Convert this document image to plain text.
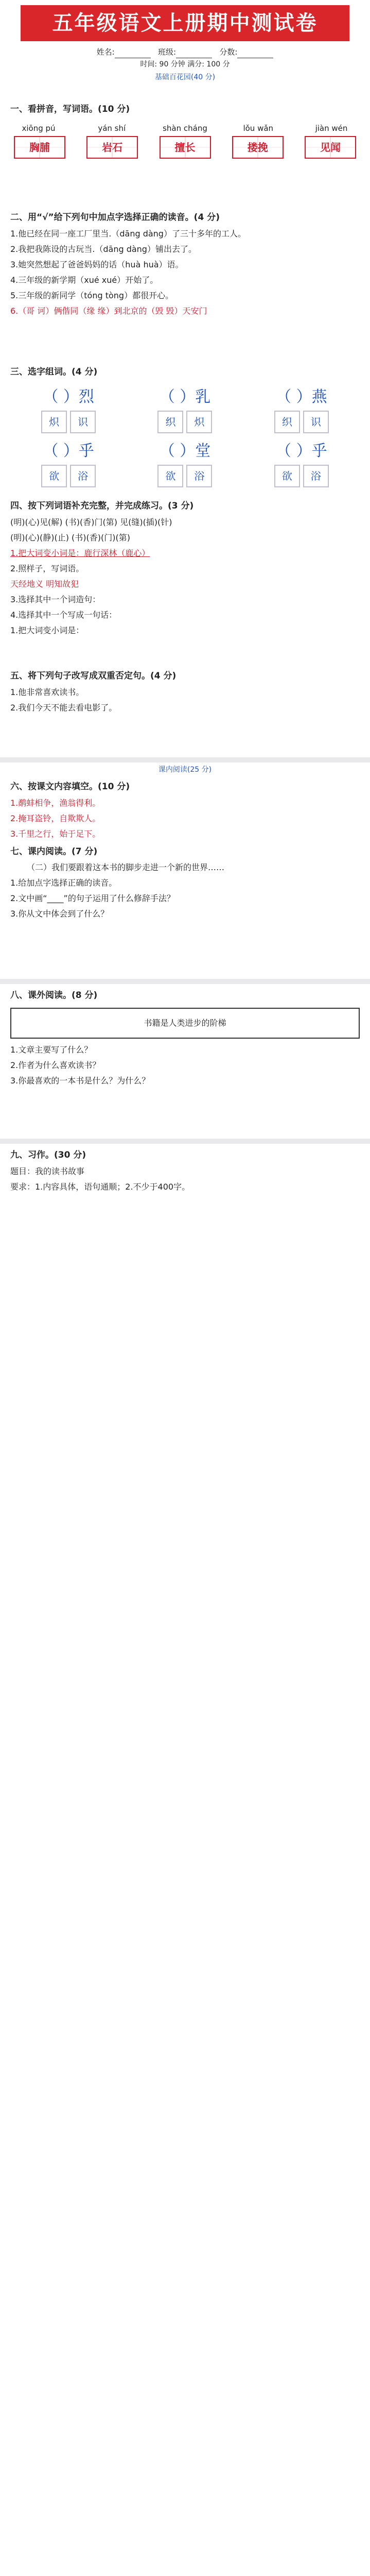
五年级语文上册期中测试卷
姓名:	班级:	分数:
时间: 90 分钟 满分: 100 分
基础百花园(40 分)
一、看拼音，写词语。(10 分)
xiōng pú	yán shí	shàn cháng	lǒu wǎn	jiàn wén
胸脯	岩石	擅长	搂挽	见闻
二、用“√”给下列句中加点字选择正确的读音。(4 分)
1.他已经在同一座工厂里当.（dāng dàng）了三十多年的工人。
2.我把我陈设的古玩当.（dāng dàng）铺出去了。
3.她突然想起了爸爸妈妈的话（huà huà）语。
4.三年级的新学期（xué xué）开始了。
5.三年级的新同学（tóng tòng）都很开心。
6.（哥 诃）俩偕同（缘 缘）到北京的（毁 毁）天安门
三、选字组词。(4 分)
（ ）烈
炽	识
（ ）乳
织	炽
（ ）燕
织	识
（ ）乎
欲	浴
（ ）堂
欲	浴
（ ）乎
欲	浴
四、按下列词语补充完整，并完成练习。(3 分)
(明)(心)见(解) (书)(香)门(第) 见(缝)(插)(针)
(明)(心)(静)(止) (书)(香)(门)(第)
1.把大词变小词是：鹿行深林（鹿心）
2.照样子，写词语。
天经地义 明知故犯
3.选择其中一个词造句：
4.选择其中一个写成一句话：
1.把大词变小词是：
五、将下列句子改写成双重否定句。(4 分)
1.他非常喜欢读书。
2.我们今天不能去看电影了。
课内阅读(25 分)
六、按课文内容填空。(10 分)
1.鹬蚌相争，渔翁得利。
2.掩耳盗铃，自欺欺人。
3.千里之行，始于足下。
七、课内阅读。(7 分)
（二）我们要跟着这本书的脚步走进一个新的世界……
1.给加点字选择正确的读音。
2.文中画“____”的句子运用了什么修辞手法？
3.你从文中体会到了什么？
八、课外阅读。(8 分)
书籍是人类进步的阶梯
1.文章主要写了什么？
2.作者为什么喜欢读书？
3.你最喜欢的一本书是什么？为什么？
九、习作。(30 分)
题目：我的读书故事
要求：1.内容具体，语句通顺；2.不少于400字。
